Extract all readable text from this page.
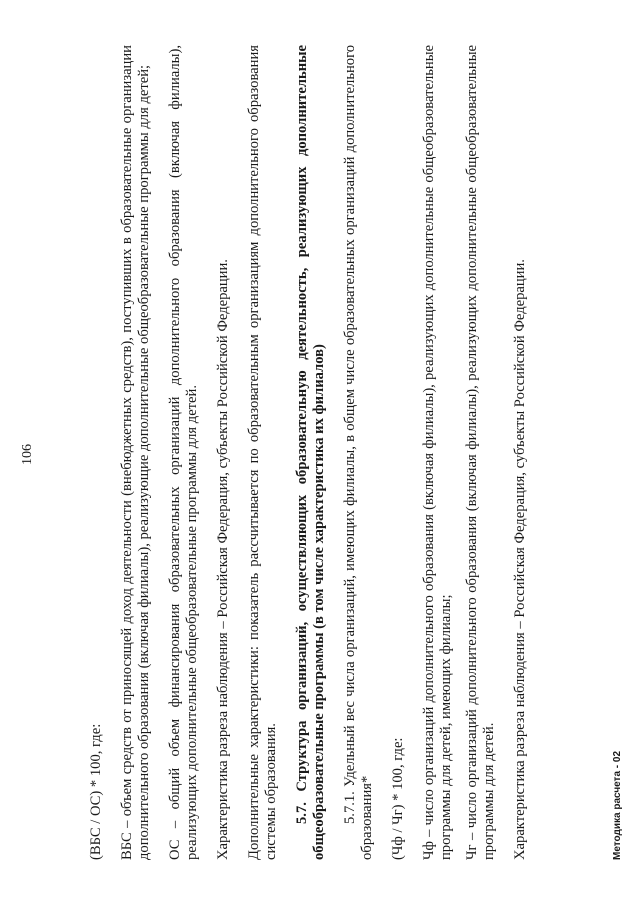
106

(ВБС / ОС) * 100, где: ВБС – объем средств от приносящей доход деятельности (внебюджетных средств), поступивших в образовательные организации дополнительного образования (включая филиалы), реализующие дополнительные общеобразовательные программы для детей; ОС – общий объем финансирования образовательных организаций дополнительного образования (включая филиалы), реализующих дополнительные общеобразовательные программы для детей. Характеристика разреза наблюдения – Российская Федерация, субъекты Российской Федерации. Дополнительные характеристики: показатель рассчитывается по образовательным организациям дополнительного образования системы образования. 5.7. Структура организаций, осуществляющих образовательную деятельность, реализующих дополнительные общеобразовательные программы (в том числе характеристика их филиалов) 5.7.1. Удельный вес числа организаций, имеющих филиалы, в общем числе образовательных организаций дополнительного образования* (Чф / Чг) * 100, где: Чф – число организаций дополнительного образования (включая филиалы), реализующих дополнительные общеобразовательные программы для детей, имеющих филиалы; Чг – число организаций дополнительного образования (включая филиалы), реализующих дополнительные общеобразовательные программы для детей. Характеристика разреза наблюдения – Российская Федерация, субъекты Российской Федерации.	Методика расчета - 02
